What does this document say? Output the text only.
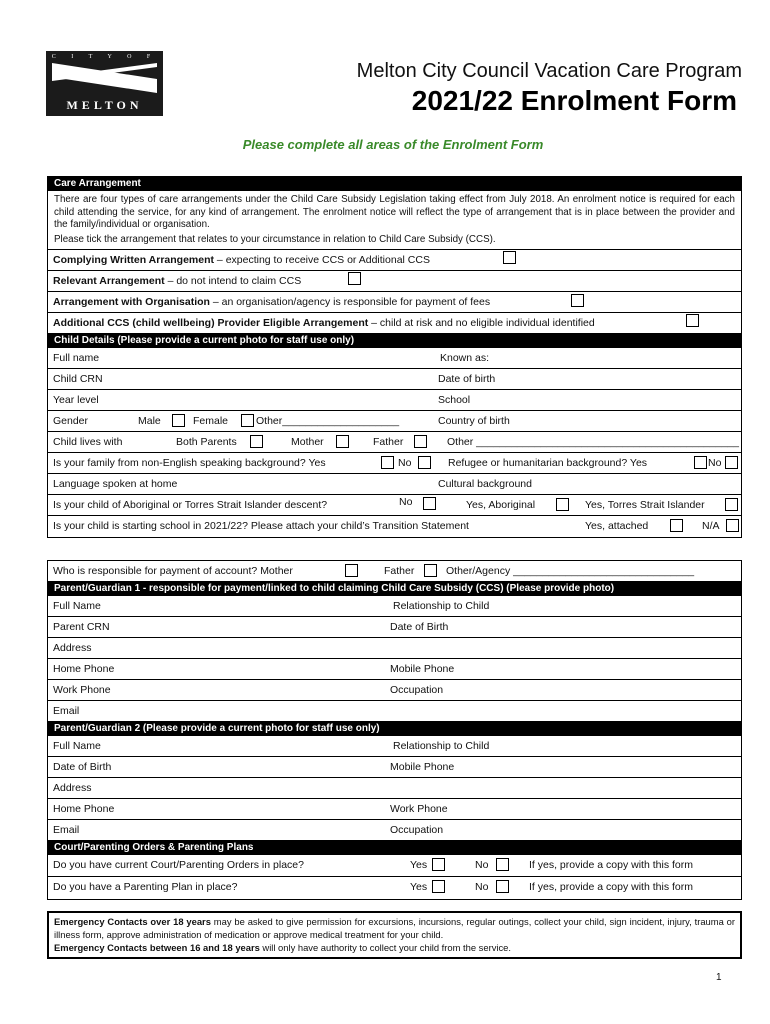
C I T Y O F
MELTON
Melton City Council Vacation Care Program
2021/22 Enrolment Form
Please complete all areas of the Enrolment Form
Care Arrangement
There are four types of care arrangements under the Child Care Subsidy Legislation taking effect from July 2018. An enrolment notice is required for each child attending the service, for any kind of arrangement. The enrolment notice will reflect the type of arrangement that is in place between the provider and the family/individual or organisation.
Please tick the arrangement that relates to your circumstance in relation to Child Care Subsidy (CCS).
Complying Written Arrangement – expecting to receive CCS or Additional CCS
Relevant Arrangement – do not intend to claim CCS
Arrangement with Organisation – an organisation/agency is responsible for payment of fees
Additional CCS (child wellbeing) Provider Eligible Arrangement – child at risk and no eligible individual identified
Child Details (Please provide a current photo for staff use only)
Full name	Known as:
Child CRN	Date of birth
Year level	School
Gender	Male	Female	Other____________________	Country of birth
Child lives with	Both Parents	Mother	Father	Other _____________________________________________
Is your family from non-English speaking background? Yes	No	Refugee or humanitarian background? Yes	No
Language spoken at home	Cultural background
Is your child of Aboriginal or Torres Strait Islander descent?	No	Yes, Aboriginal	Yes, Torres Strait Islander
Is your child is starting school in 2021/22? Please attach your child’s Transition Statement	Yes, attached	N/A
Who is responsible for payment of account? Mother	Father	Other/Agency _______________________________
Parent/Guardian 1 - responsible for payment/linked to child claiming Child Care Subsidy (CCS) (Please provide photo)
Full Name	Relationship to Child
Parent CRN	Date of Birth
Address
Home Phone	Mobile Phone
Work Phone	Occupation
Email
Parent/Guardian 2 (Please provide a current photo for staff use only)
Full Name	Relationship to Child
Date of Birth	Mobile Phone
Address
Home Phone	Work Phone
Email	Occupation
Court/Parenting Orders & Parenting Plans
Do you have current Court/Parenting Orders in place?	Yes	No	If yes, provide a copy with this form
Do you have a Parenting Plan in place?	Yes	No	If yes, provide a copy with this form
Emergency Contacts over 18 years may be asked to give permission for excursions, incursions, regular outings, collect your child, sign incident, injury, trauma or illness form, approve administration of medication or approve medical treatment for your child.
Emergency Contacts between 16 and 18 years will only have authority to collect your child from the service.
1
